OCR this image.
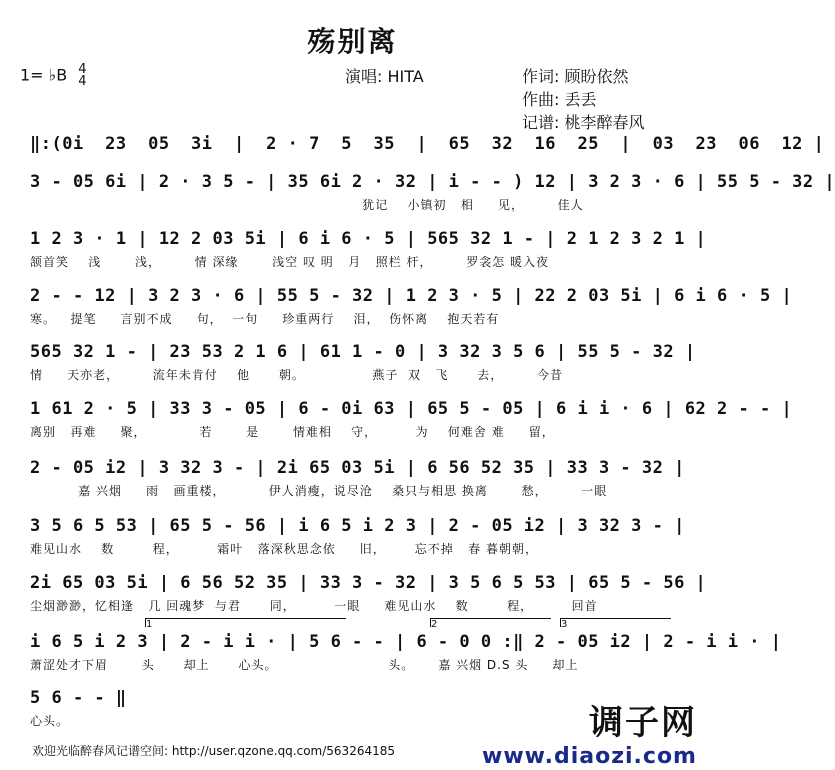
殇别离
1= ♭B 4
4	演唱: HITA	作词: 顾盼依然
作曲: 丢丢
记谱: 桃李醉春风
‖:(0i  23  05  3i  |  2 · 7  5  35  |  65  32  16  25  |  03  23  06  12 |
3 - 05 6i | 2 · 3 5 - | 35 6i 2 · 32 | i - - ) 12 | 3 2 3 · 6 | 55 5 - 32 |
犹记    小镇初   相     见，       佳人
1 2 3 · 1 | 12 2 03 5i | 6 i 6 · 5 | 565 32 1 - | 2 1 2 3 2 1 |
颔首笑    浅       浅，       情 深缘       浅空 叹 明   月   照栏 杆，       罗衾怎 暖入夜
2 - - 12 | 3 2 3 · 6 | 55 5 - 32 | 1 2 3 · 5 | 22 2 03 5i | 6 i 6 · 5 |
寒。   提笔     言别不成     句，  一句     珍重两行    泪，  伤怀离    抱天若有
565 32 1 - | 23 53 2 1 6 | 61 1 - 0 | 3 32 3 5 6 | 55 5 - 32 |
情     天亦老，       流年未肯付    他      朝。              燕子  双   飞      去，       今昔
1 61 2 · 5 | 33 3 - 05 | 6 - 0i 63 | 65 5 - 05 | 6 i i · 6 | 62 2 - - |
离别   再难     聚，           若       是       情难相    守，        为    何难舍 难     留，
2 - 05 i2 | 3 32 3 - | 2i 65 03 5i | 6 56 52 35 | 33 3 - 32 |
嘉 兴烟     雨   画重楼，         伊人消瘦，说尽沧    桑只与相思 换离       愁，       一眼
3 5 6 5 53 | 65 5 - 56 | i 6 5 i 2 3 | 2 - 05 i2 | 3 32 3 - |
难见山水    数        程，        霜叶   落深秋思念依     旧，      忘不掉   春 暮朝朝，
2i 65 03 5i | 6 56 52 35 | 33 3 - 32 | 3 5 6 5 53 | 65 5 - 56 |
尘烟渺渺，忆相逢   几 回魂梦  与君      同，        一眼     难见山水    数        程，        回首
i 6 5 i 2 3 | 2 - i i · | 5 6 - - | 6 - 0 0 :‖ 2 - 05 i2 | 2 - i i · |
萧涩处才下眉       头      却上      心头。                       头。     嘉 兴烟 D.S 头     却上
5 6 - - ‖
心头。
1	2	3
欢迎光临醉春风记谱空间: http://user.qzone.qq.com/563264185
调子网
www.diaozi.com
